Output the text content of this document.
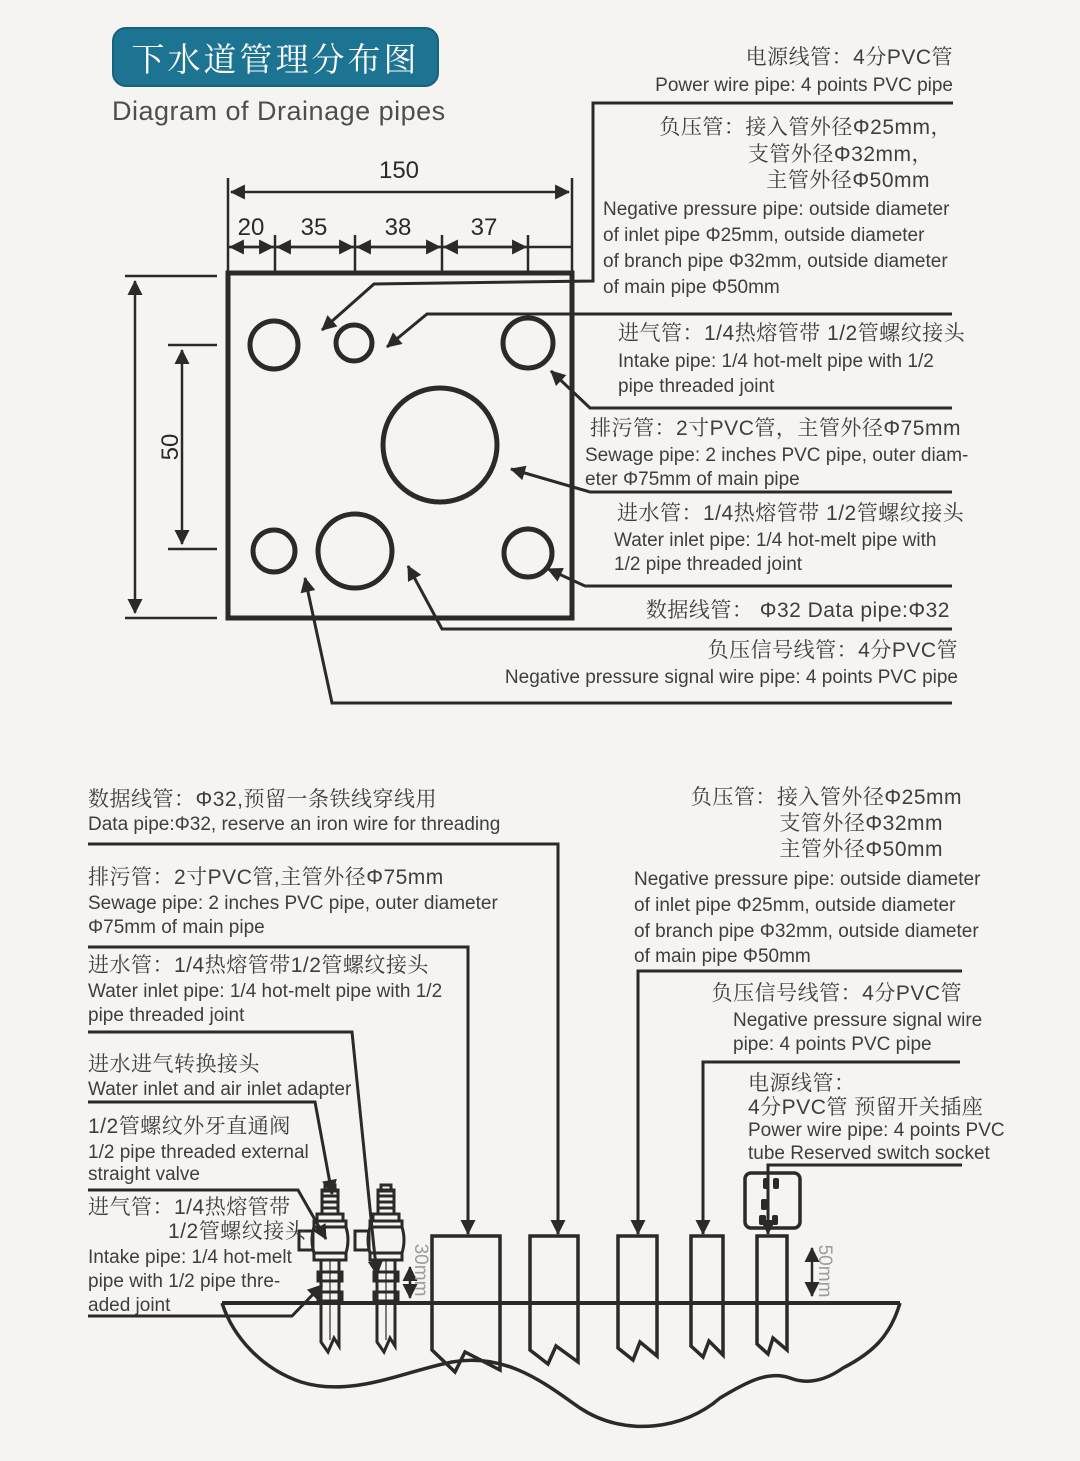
下水道管理分布图
Diagram of Drainage pipes
150
20 35 38 37
50
30mm	50mm
电源线管：4分PVC管
Power wire pipe: 4 points PVC pipe
负压管：接入管外径Φ25mm，
支管外径Φ32mm，
主管外径Φ50mm
Negative pressure pipe: outside diameter
of inlet pipe Φ25mm, outside diameter
of branch pipe Φ32mm, outside diameter
of main pipe Φ50mm
进气管：1/4热熔管带 1/2管螺纹接头
Intake pipe: 1/4 hot-melt pipe with 1/2
pipe threaded joint
排污管：2寸PVC管，主管外径Φ75mm
Sewage pipe: 2 inches PVC pipe, outer diam-
eter Φ75mm of main pipe
进水管：1/4热熔管带 1/2管螺纹接头
Water inlet pipe: 1/4 hot-melt pipe with
1/2 pipe threaded joint
数据线管： Φ32 Data pipe:Φ32
负压信号线管：4分PVC管
Negative pressure signal wire pipe: 4 points PVC pipe
数据线管：Φ32,预留一条铁线穿线用
Data pipe:Φ32, reserve an iron wire for threading
排污管：2寸PVC管,主管外径Φ75mm
Sewage pipe: 2 inches PVC pipe, outer diameter
Φ75mm of main pipe
进水管：1/4热熔管带1/2管螺纹接头
Water inlet pipe: 1/4 hot-melt pipe with 1/2
pipe threaded joint
进水进气转换接头
Water inlet and air inlet adapter
1/2管螺纹外牙直通阀
1/2 pipe threaded external
straight valve
进气管：1/4热熔管带
1/2管螺纹接头
Intake pipe: 1/4 hot-melt
pipe with 1/2 pipe thre-
aded joint
负压管：接入管外径Φ25mm
支管外径Φ32mm
主管外径Φ50mm
Negative pressure pipe: outside diameter
of inlet pipe Φ25mm, outside diameter
of branch pipe Φ32mm, outside diameter
of main pipe Φ50mm
负压信号线管：4分PVC管
Negative pressure signal wire
pipe: 4 points PVC pipe
电源线管：
4分PVC管 预留开关插座
Power wire pipe: 4 points PVC
tube Reserved switch socket
